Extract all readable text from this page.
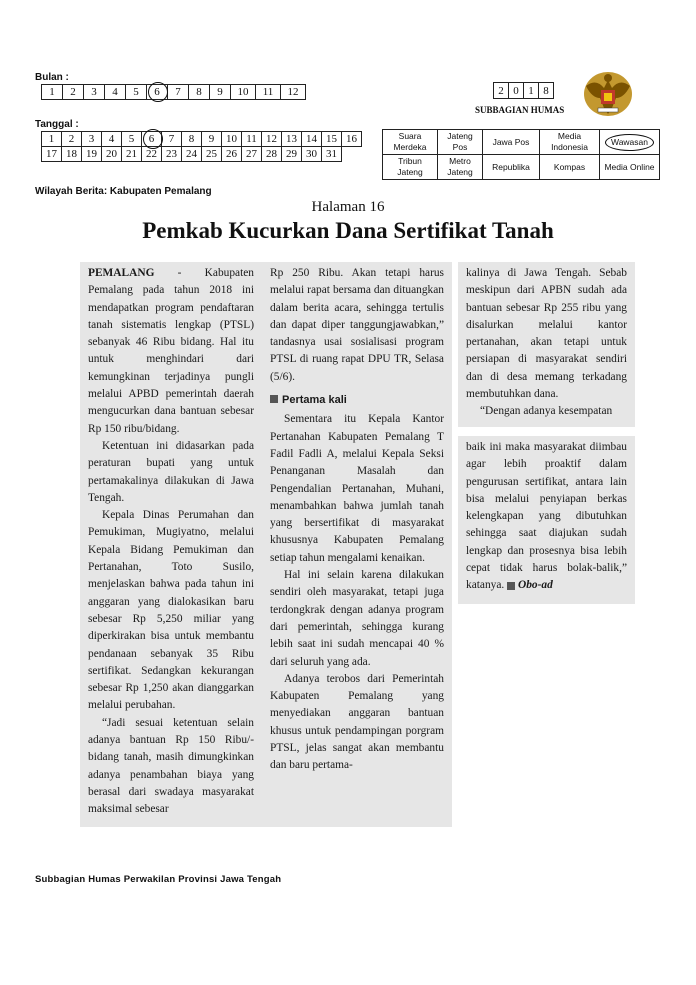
Bulan :
1	2	3	4	5	6	7	8	9	10	11	12
Tanggal :
1	2	3	4	5	6	7	8	9	10	11	12	13	14	15	16
17	18	19	20	21	22	23	24	25	26	27	28	29	30	31	
Wilayah Berita: Kabupaten Pemalang
2	0	1	8
SUBBAGIAN HUMAS
Suara Merdeka	Jateng Pos	Jawa Pos	Media Indonesia	Wawasan
Tribun Jateng	Metro Jateng	Republika	Kompas	Media Online
Halaman 16
Pemkab Kucurkan Dana Sertifikat Tanah

PEMALANG - Kabupaten Pemalang pada tahun 2018 ini mendapatkan program pendaftaran tanah sistematis lengkap (PTSL) sebanyak 46 Ribu bidang. Hal itu untuk menghindari dari kemungkinan terjadinya pungli melalui APBD pemerintah daerah mengucurkan dana bantuan sebesar Rp 150 ribu/bidang.

Ketentuan ini didasarkan pada peraturan bupati yang untuk pertamakalinya dilakukan di Jawa Tengah.

Kepala Dinas Perumahan dan Pemukiman, Mugiyatno, melalui Kepala Bidang Pemukiman dan Pertanahan, Toto Susilo, menjelaskan bahwa pada tahun ini anggaran yang dialokasikan baru sebesar Rp 5,250 miliar yang diperkirakan bisa untuk membantu pendanaan sebanyak 35 Ribu sertifikat. Sedangkan kekurangan sebesar Rp 1,250 akan dianggarkan melalui perubahan.

“Jadi sesuai ketentuan selain adanya bantuan Rp 150 Ribu/-bidang tanah, masih dimungkinkan adanya penambahan biaya yang berasal dari swadaya masyarakat maksimal sebesar

Rp 250 Ribu. Akan tetapi harus melalui rapat bersama dan dituangkan dalam berita acara, sehingga tertulis dan dapat diper tanggungjawabkan,” tandasnya usai sosialisasi program PTSL di ruang rapat DPU TR, Selasa (5/6).

Pertama kali

Sementara itu Kepala Kantor Pertanahan Kabupaten Pemalang T Fadil Fadli A, melalui Kepala Seksi Penanganan Masalah dan Pengendalian Pertanahan, Muhani, menambahkan bahwa jumlah tanah yang bersertifikat di masyarakat khususnya Kabupaten Pemalang setiap tahun mengalami kenaikan.

Hal ini selain karena dilakukan sendiri oleh masyarakat, tetapi juga terdongkrak dengan adanya program dari pemerintah, sehingga kurang lebih saat ini sudah mencapai 40 % dari seluruh yang ada.

Adanya terobos dari Pemerintah Kabupaten Pemalang yang menyediakan anggaran bantuan khusus untuk pendampingan porgram PTSL, jelas sangat akan membantu dan baru pertama-

kalinya di Jawa Tengah. Sebab meskipun dari APBN sudah ada bantuan sebesar Rp 255 ribu yang disalurkan melalui kantor pertanahan, akan tetapi untuk persiapan di masyarakat sendiri dan di desa memang terkadang membutuhkan dana.

“Dengan adanya kesempatan

baik ini maka masyarakat diimbau agar lebih proaktif dalam pengurusan sertifikat, antara lain bisa melalui penyiapan berkas kelengkapan yang dibutuhkan sehingga saat diajukan sudah lengkap dan prosesnya bisa lebih cepat tidak harus bolak-balik,” katanya. Obo-ad

Subbagian Humas Perwakilan Provinsi Jawa Tengah
